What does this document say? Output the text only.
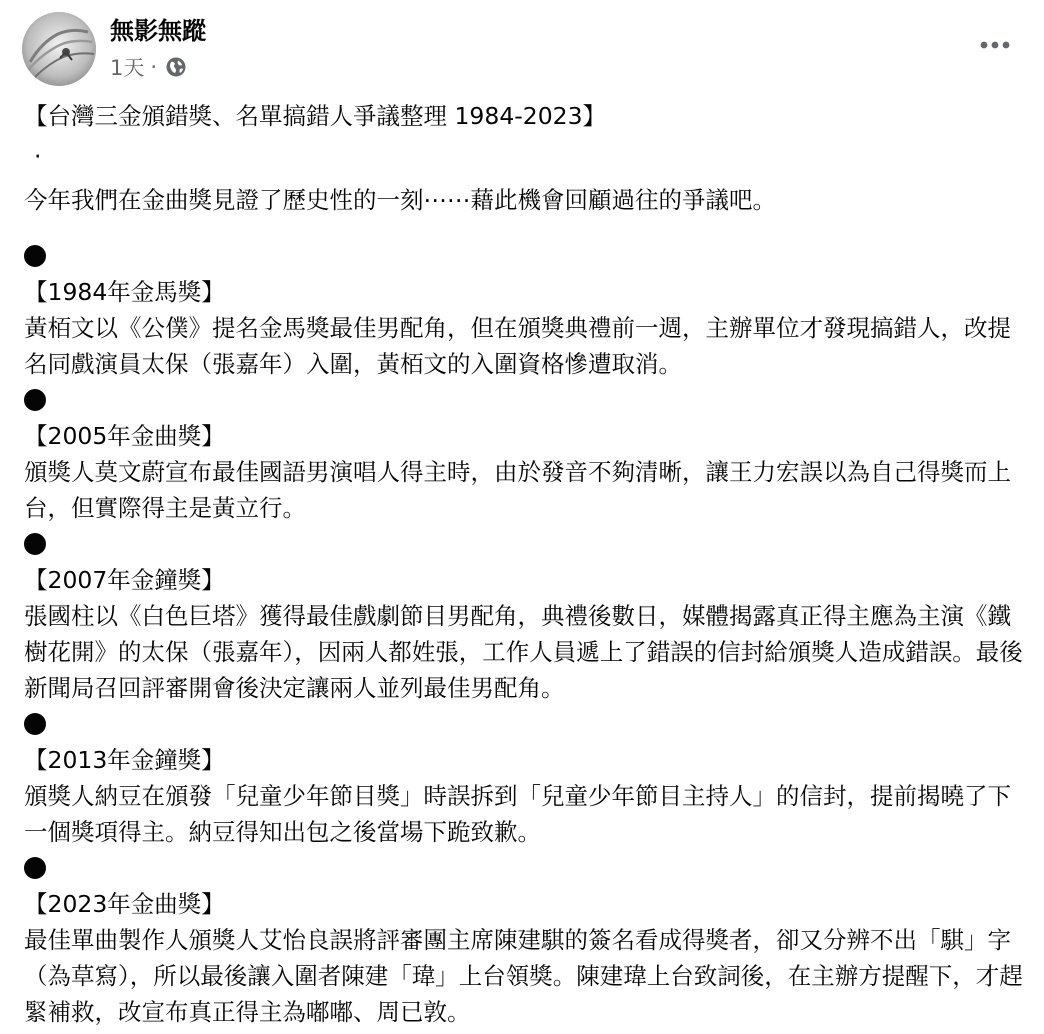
無影無蹤
1天 ·

【台灣三金頒錯獎、名單搞錯人爭議整理 1984-2023】

·

今年我們在金曲獎見證了歷史性的一刻⋯⋯藉此機會回顧過往的爭議吧。

【1984年金馬獎】

黃栢文以《公僕》提名金馬獎最佳男配角，但在頒獎典禮前一週，主辦單位才發現搞錯人，改提名同戲演員太保（張嘉年）入圍，黃栢文的入圍資格慘遭取消。

【2005年金曲獎】

頒獎人莫文蔚宣布最佳國語男演唱人得主時，由於發音不夠清晰，讓王力宏誤以為自己得獎而上台，但實際得主是黃立行。

【2007年金鐘獎】

張國柱以《白色巨塔》獲得最佳戲劇節目男配角，典禮後數日，媒體揭露真正得主應為主演《鐵樹花開》的太保（張嘉年），因兩人都姓張，工作人員遞上了錯誤的信封給頒獎人造成錯誤。最後新聞局召回評審開會後決定讓兩人並列最佳男配角。

【2013年金鐘獎】

頒獎人納豆在頒發「兒童少年節目獎」時誤拆到「兒童少年節目主持人」的信封，提前揭曉了下一個獎項得主。納豆得知出包之後當場下跪致歉。

【2023年金曲獎】

最佳單曲製作人頒獎人艾怡良誤將評審團主席陳建騏的簽名看成得獎者，卻又分辨不出「騏」字（為草寫），所以最後讓入圍者陳建「瑋」上台領獎。陳建瑋上台致詞後，在主辦方提醒下，才趕緊補救，改宣布真正得主為嘟嘟、周已敦。
